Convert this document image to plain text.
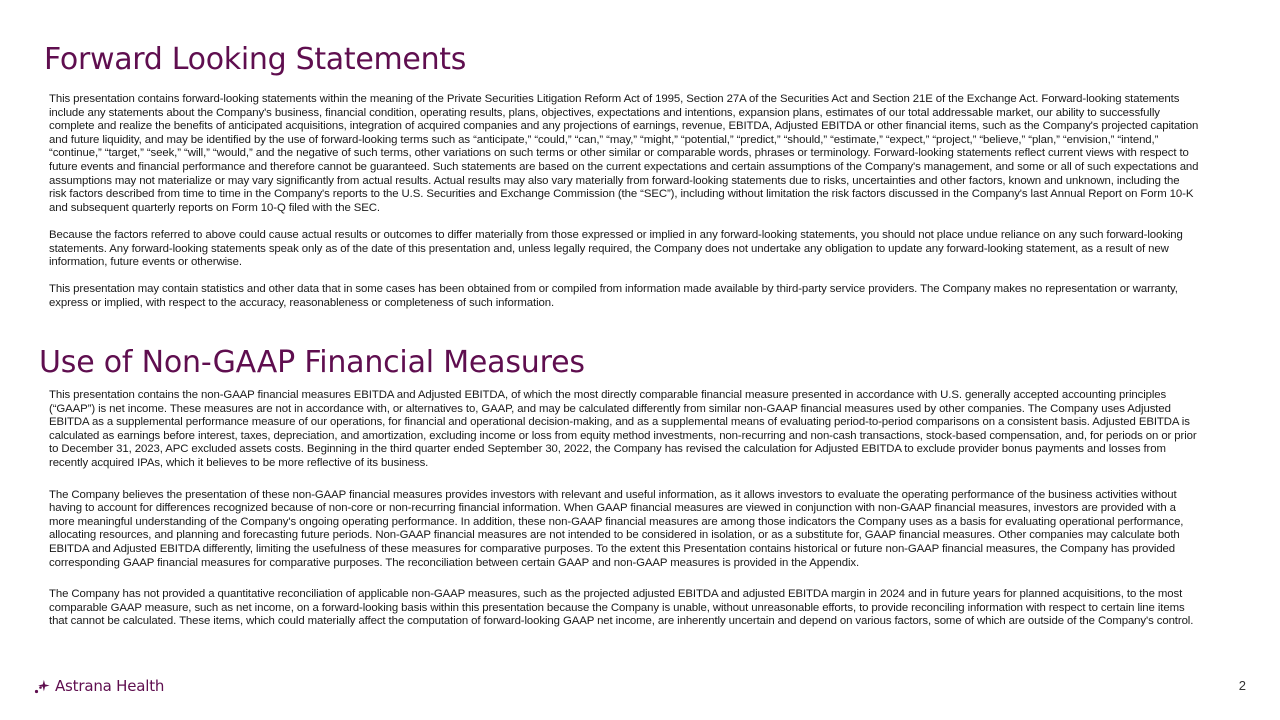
Forward Looking Statements

This presentation contains forward-looking statements within the meaning of the Private Securities Litigation Reform Act of 1995, Section 27A of the Securities Act and Section 21E of the Exchange Act. Forward-looking statements include any statements about the Company's business, financial condition, operating results, plans, objectives, expectations and intentions, expansion plans, estimates of our total addressable market, our ability to successfully complete and realize the benefits of anticipated acquisitions, integration of acquired companies and any projections of earnings, revenue, EBITDA, Adjusted EBITDA or other financial items, such as the Company's projected capitation and future liquidity, and may be identified by the use of forward-looking terms such as “anticipate,” “could,” “can,” “may,” “might,” “potential,” “predict,” “should,” “estimate,” “expect,” “project,” “believe,” “plan,” “envision,” “intend,” “continue,” “target,” “seek,” “will,” “would,” and the negative of such terms, other variations on such terms or other similar or comparable words, phrases or terminology. Forward-looking statements reflect current views with respect to future events and financial performance and therefore cannot be guaranteed. Such statements are based on the current expectations and certain assumptions of the Company's management, and some or all of such expectations and assumptions may not materialize or may vary significantly from actual results. Actual results may also vary materially from forward-looking statements due to risks, uncertainties and other factors, known and unknown, including the risk factors described from time to time in the Company's reports to the U.S. Securities and Exchange Commission (the “SEC”), including without limitation the risk factors discussed in the Company's last Annual Report on Form 10-K and subsequent quarterly reports on Form 10-Q filed with the SEC.

Because the factors referred to above could cause actual results or outcomes to differ materially from those expressed or implied in any forward-looking statements, you should not place undue reliance on any such forward-looking statements. Any forward-looking statements speak only as of the date of this presentation and, unless legally required, the Company does not undertake any obligation to update any forward-looking statement, as a result of new information, future events or otherwise.

This presentation may contain statistics and other data that in some cases has been obtained from or compiled from information made available by third-party service providers. The Company makes no representation or warranty, express or implied, with respect to the accuracy, reasonableness or completeness of such information.

Use of Non-GAAP Financial Measures

This presentation contains the non-GAAP financial measures EBITDA and Adjusted EBITDA, of which the most directly comparable financial measure presented in accordance with U.S. generally accepted accounting principles (“GAAP”) is net income. These measures are not in accordance with, or alternatives to, GAAP, and may be calculated differently from similar non-GAAP financial measures used by other companies. The Company uses Adjusted EBITDA as a supplemental performance measure of our operations, for financial and operational decision-making, and as a supplemental means of evaluating period-to-period comparisons on a consistent basis. Adjusted EBITDA is calculated as earnings before interest, taxes, depreciation, and amortization, excluding income or loss from equity method investments, non-recurring and non-cash transactions, stock-based compensation, and, for periods on or prior to December 31, 2023, APC excluded assets costs. Beginning in the third quarter ended September 30, 2022, the Company has revised the calculation for Adjusted EBITDA to exclude provider bonus payments and losses from recently acquired IPAs, which it believes to be more reflective of its business.

The Company believes the presentation of these non-GAAP financial measures provides investors with relevant and useful information, as it allows investors to evaluate the operating performance of the business activities without having to account for differences recognized because of non-core or non-recurring financial information. When GAAP financial measures are viewed in conjunction with non-GAAP financial measures, investors are provided with a more meaningful understanding of the Company's ongoing operating performance. In addition, these non-GAAP financial measures are among those indicators the Company uses as a basis for evaluating operational performance, allocating resources, and planning and forecasting future periods. Non-GAAP financial measures are not intended to be considered in isolation, or as a substitute for, GAAP financial measures. Other companies may calculate both EBITDA and Adjusted EBITDA differently, limiting the usefulness of these measures for comparative purposes. To the extent this Presentation contains historical or future non-GAAP financial measures, the Company has provided corresponding GAAP financial measures for comparative purposes. The reconciliation between certain GAAP and non-GAAP measures is provided in the Appendix.

The Company has not provided a quantitative reconciliation of applicable non-GAAP measures, such as the projected adjusted EBITDA and adjusted EBITDA margin in 2024 and in future years for planned acquisitions, to the most comparable GAAP measure, such as net income, on a forward-looking basis within this presentation because the Company is unable, without unreasonable efforts, to provide reconciling information with respect to certain line items that cannot be calculated. These items, which could materially affect the computation of forward-looking GAAP net income, are inherently uncertain and depend on various factors, some of which are outside of the Company's control.

Astrana Health	2
